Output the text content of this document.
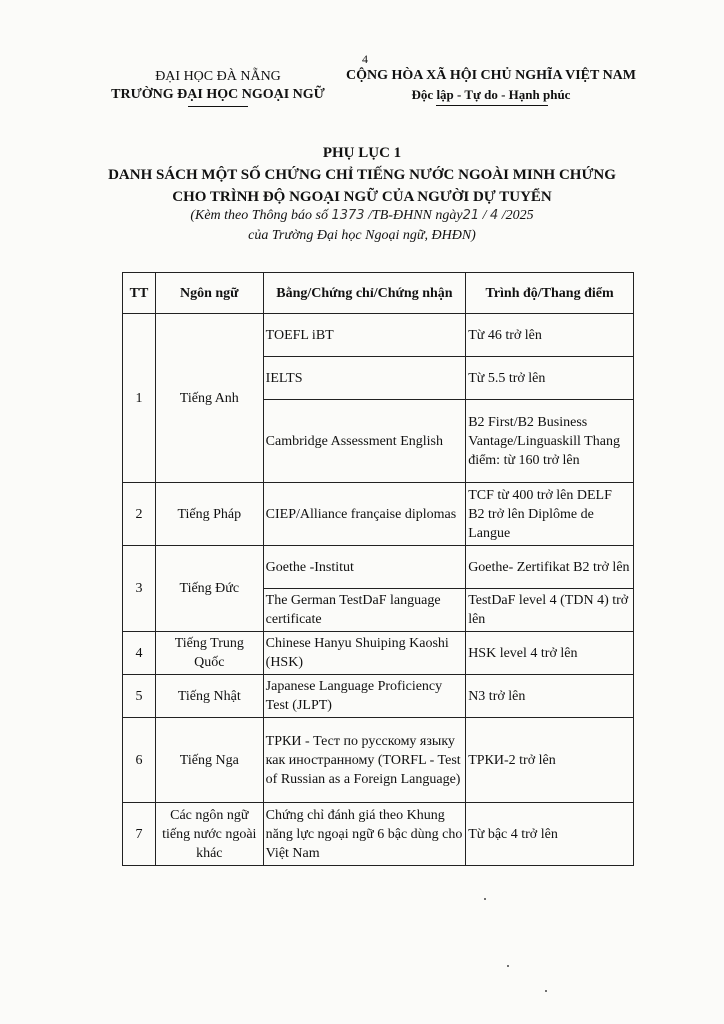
4
ĐẠI HỌC ĐÀ NẴNG
TRƯỜNG ĐẠI HỌC NGOẠI NGỮ
CỘNG HÒA XÃ HỘI CHỦ NGHĨA VIỆT NAM
Độc lập - Tự do - Hạnh phúc
PHỤ LỤC 1
DANH SÁCH MỘT SỐ CHỨNG CHỈ TIẾNG NƯỚC NGOÀI MINH CHỨNG
CHO TRÌNH ĐỘ NGOẠI NGỮ CỦA NGƯỜI DỰ TUYỂN
(Kèm theo Thông báo số 1373 /TB-ĐHNN ngày21 / 4 /2025
của Trường Đại học Ngoại ngữ, ĐHĐN)
TT	Ngôn ngữ	Bằng/Chứng chỉ/Chứng nhận	Trình độ/Thang điểm
1	Tiếng Anh	TOEFL iBT	Từ 46 trở lên
		IELTS	Từ 5.5 trở lên
		Cambridge Assessment English	B2 First/B2 Business Vantage/Linguaskill Thang điểm: từ 160 trở lên
2	Tiếng Pháp	CIEP/Alliance française diplomas	TCF từ 400 trở lên DELF B2 trở lên Diplôme de Langue
3	Tiếng Đức	Goethe -Institut	Goethe- Zertifikat B2 trở lên
		The German TestDaF language certificate	TestDaF level 4 (TDN 4) trở lên
4	Tiếng Trung Quốc	Chinese Hanyu Shuiping Kaoshi (HSK)	HSK level 4 trở lên
5	Tiếng Nhật	Japanese Language Proficiency Test (JLPT)	N3 trở lên
6	Tiếng Nga	ТРКИ - Тест по русскому языку как иностранному (TORFL - Test of Russian as a Foreign Language)	ТРКИ-2 trở lên
7	Các ngôn ngữ tiếng nước ngoài khác	Chứng chỉ đánh giá theo Khung năng lực ngoại ngữ 6 bậc dùng cho Việt Nam	Từ bậc 4 trở lên
